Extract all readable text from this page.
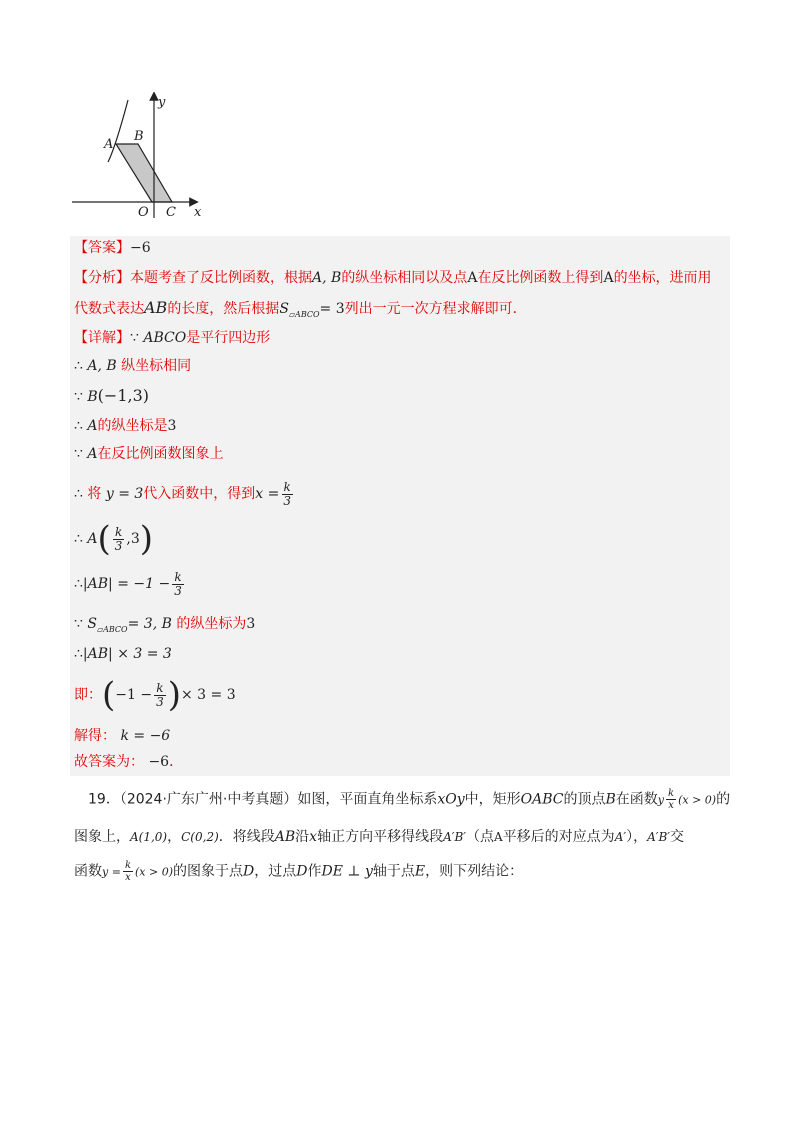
y
A
B
O C x
【答案】−6
【分析】本题考查了反比例函数，根据A, B的纵坐标相同以及点A在反比例函数上得到A的坐标，进而用
代数式表达AB的长度，然后根据$S_{▱ABCO}= 3$列出一元一次方程求解即可．
【详解】∵ ABCO是平行四边形
∴ A, B 纵坐标相同
∵ B(−1,3)
∴ A的纵坐标是3
∵ A在反比例函数图象上
∴ 将 y = 3代入函数中，得到$x = \frac{k}{3}$
∴ $A( \frac{k}{3} ,3)$
∴|AB| = $-1 - \frac{k}{3}$
∵ $S_{▱ABCO}= 3$, B 的纵坐标为3
∴|AB| × 3 = 3
即：($-1 - \frac{k}{3}$ )× 3 = 3
解得： k = −6
故答案为： −6．
19．（2024·广东广州·中考真题）如图，平面直角坐标系xOy中，矩形OABC的顶点B在函数y $\frac{k}{x} (x > 0)$的
图象上，A(1,0)，C(0,2)．将线段AB沿x轴正方向平移得线段A′B′（点A平移后的对应点为A′），A′B′交
函数$y = \frac{k}{x} (x > 0)$的图象于点D，过点D作DE ⊥ y轴于点E，则下列结论：
